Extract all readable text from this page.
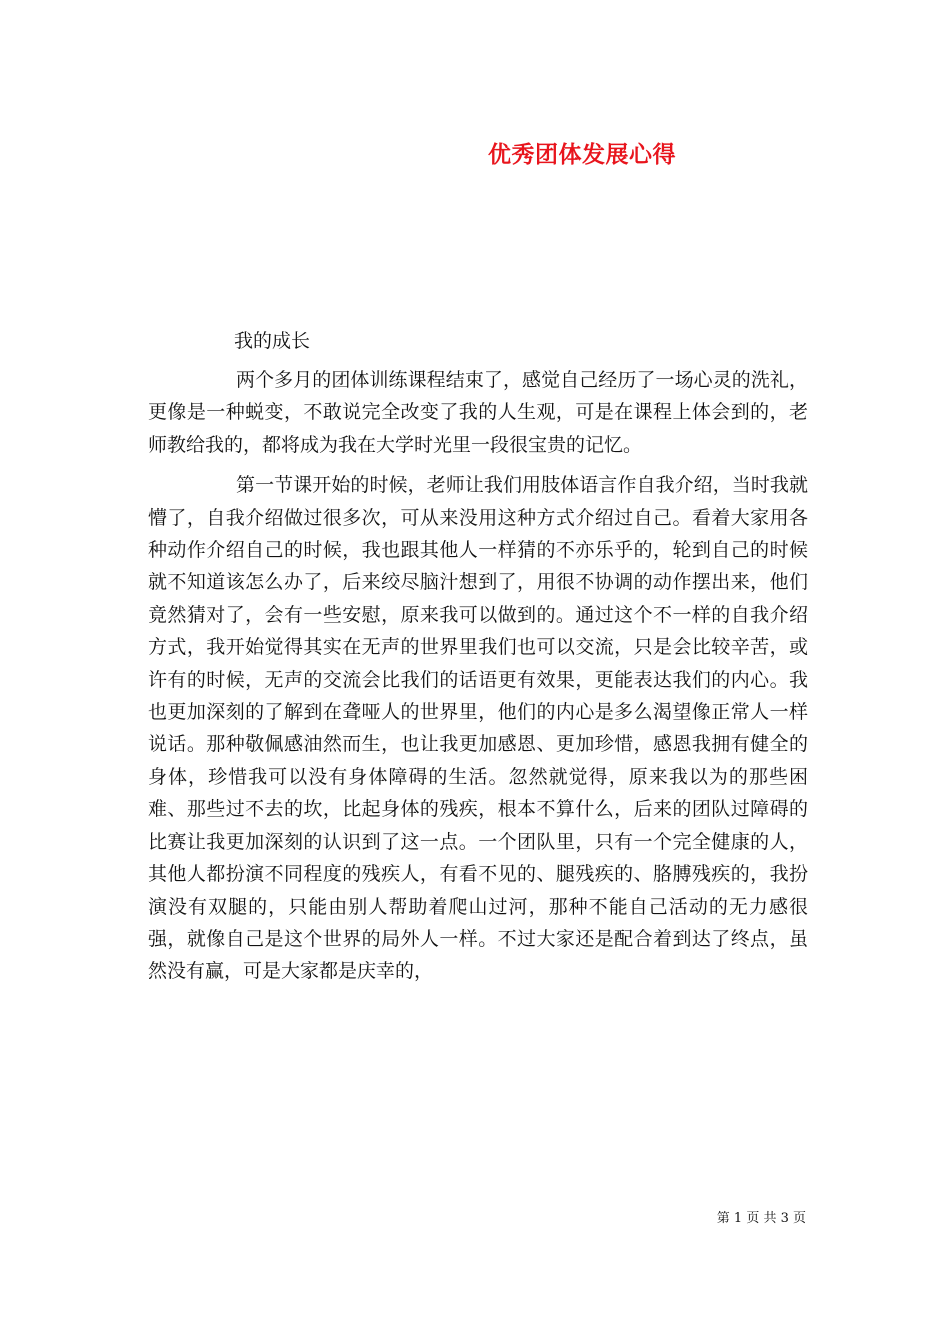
优秀团体发展心得
我的成长

两个多月的团体训练课程结束了，感觉自己经历了一场心灵的洗礼，更像是一种蜕变，不敢说完全改变了我的人生观，可是在课程上体会到的，老师教给我的，都将成为我在大学时光里一段很宝贵的记忆。

第一节课开始的时候，老师让我们用肢体语言作自我介绍，当时我就懵了，自我介绍做过很多次，可从来没用这种方式介绍过自己。看着大家用各种动作介绍自己的时候，我也跟其他人一样猜的不亦乐乎的，轮到自己的时候就不知道该怎么办了，后来绞尽脑汁想到了，用很不协调的动作摆出来，他们竟然猜对了，会有一些安慰，原来我可以做到的。通过这个不一样的自我介绍方式，我开始觉得其实在无声的世界里我们也可以交流，只是会比较辛苦，或许有的时候，无声的交流会比我们的话语更有效果，更能表达我们的内心。我也更加深刻的了解到在聋哑人的世界里，他们的内心是多么渴望像正常人一样说话。那种敬佩感油然而生，也让我更加感恩、更加珍惜，感恩我拥有健全的身体，珍惜我可以没有身体障碍的生活。忽然就觉得，原来我以为的那些困难、那些过不去的坎，比起身体的残疾，根本不算什么，后来的团队过障碍的比赛让我更加深刻的认识到了这一点。一个团队里，只有一个完全健康的人，其他人都扮演不同程度的残疾人，有看不见的、腿残疾的、胳膊残疾的，我扮演没有双腿的，只能由别人帮助着爬山过河，那种不能自己活动的无力感很强，就像自己是这个世界的局外人一样。不过大家还是配合着到达了终点，虽然没有赢，可是大家都是庆幸的，

第 1 页 共 3 页
